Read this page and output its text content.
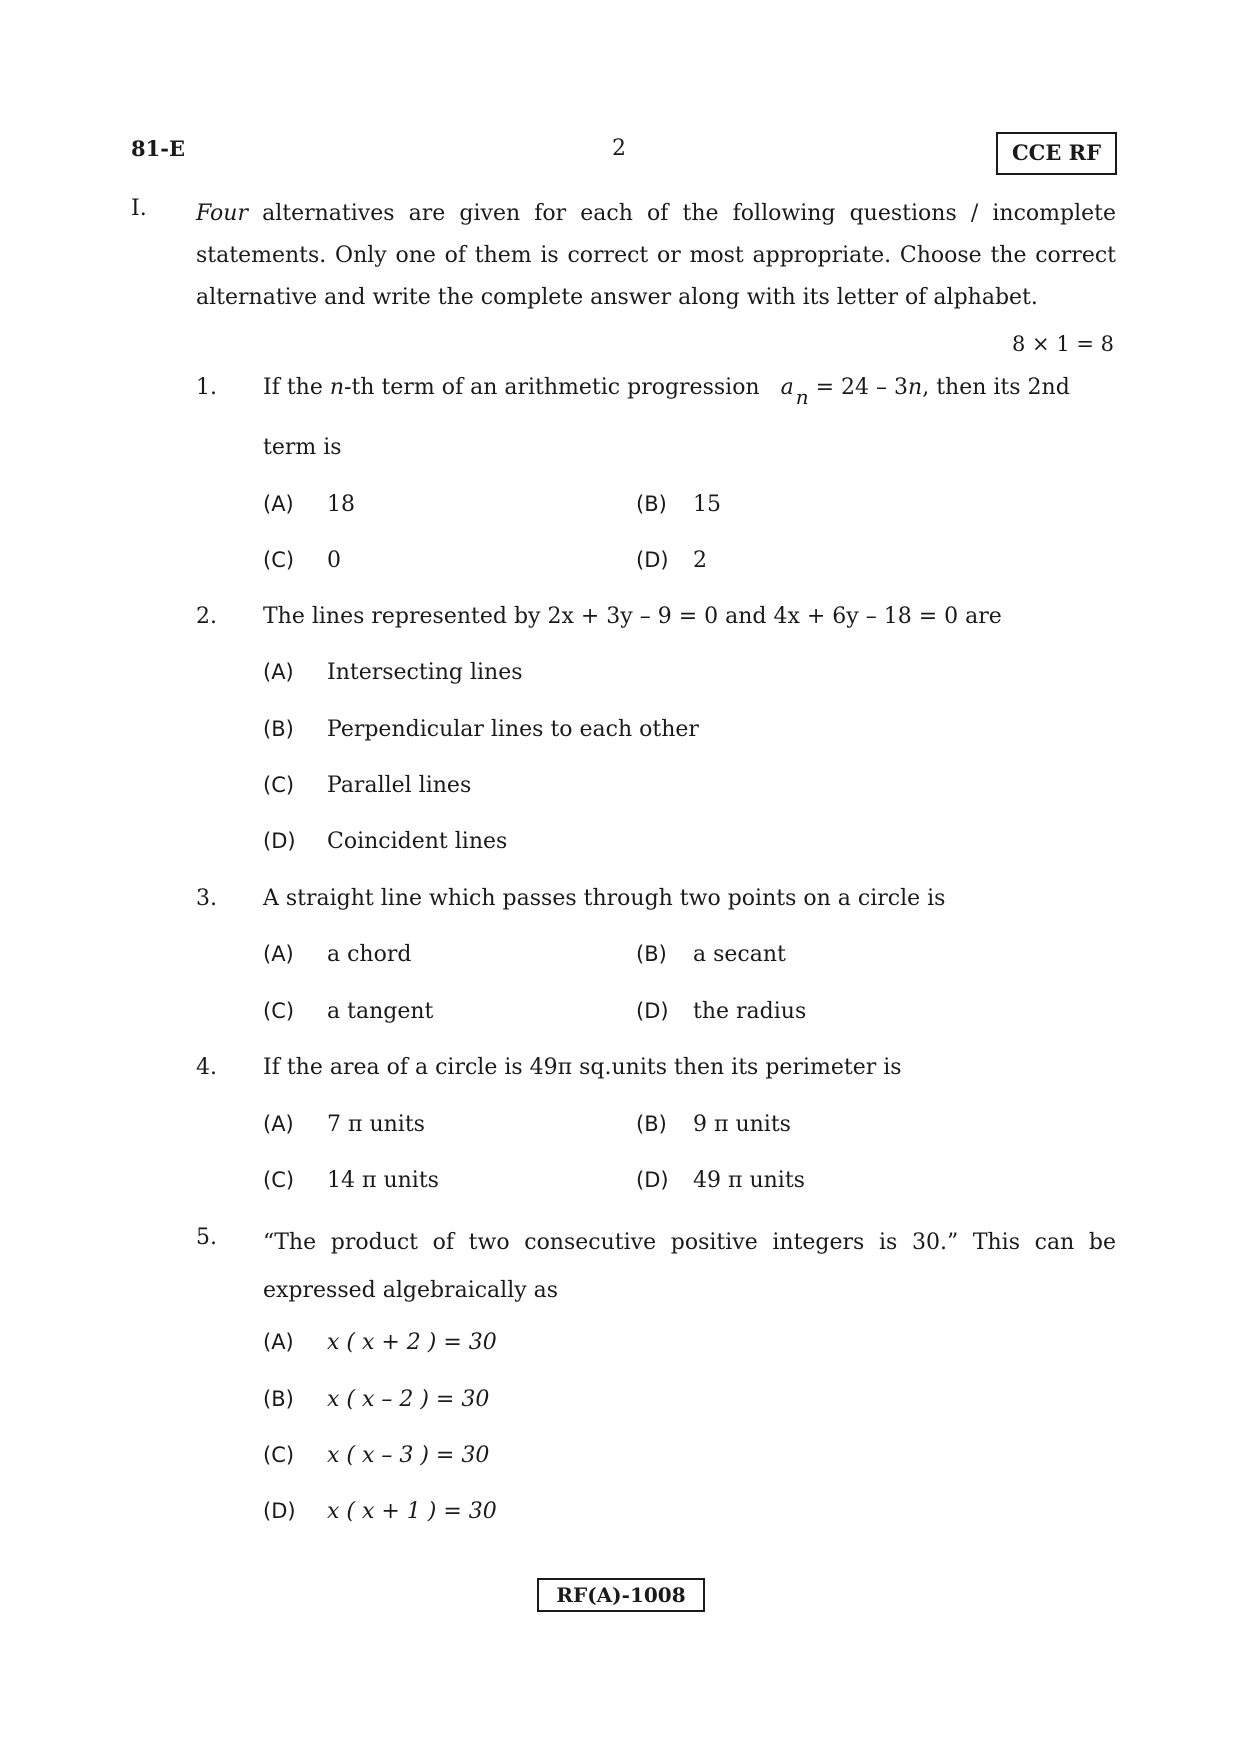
81-E	2	CCE RF
I. Four alternatives are given for each of the following questions / incomplete statements. Only one of them is correct or most appropriate. Choose the correct alternative and write the complete answer along with its letter of alphabet.
8 × 1 = 8
1. If the n-th term of an arithmetic progression   a n = 24 – 3n, then its 2nd
term is
(A) 18	(B) 15
(C) 0	(D) 2
2. The lines represented by 2x + 3y – 9 = 0 and 4x + 6y – 18 = 0 are
(A) Intersecting lines
(B) Perpendicular lines to each other
(C) Parallel lines
(D) Coincident lines
3. A straight line which passes through two points on a circle is
(A) a chord	(B) a secant
(C) a tangent	(D) the radius
4. If the area of a circle is 49π sq.units then its perimeter is
(A) 7 π units	(B) 9 π units
(C) 14 π units	(D) 49 π units
5. “The product of two consecutive positive integers is 30.” This can be expressed algebraically as
(A) x ( x + 2 ) = 30
(B) x ( x – 2 ) = 30
(C) x ( x – 3 ) = 30
(D) x ( x + 1 ) = 30
RF(A)-1008
